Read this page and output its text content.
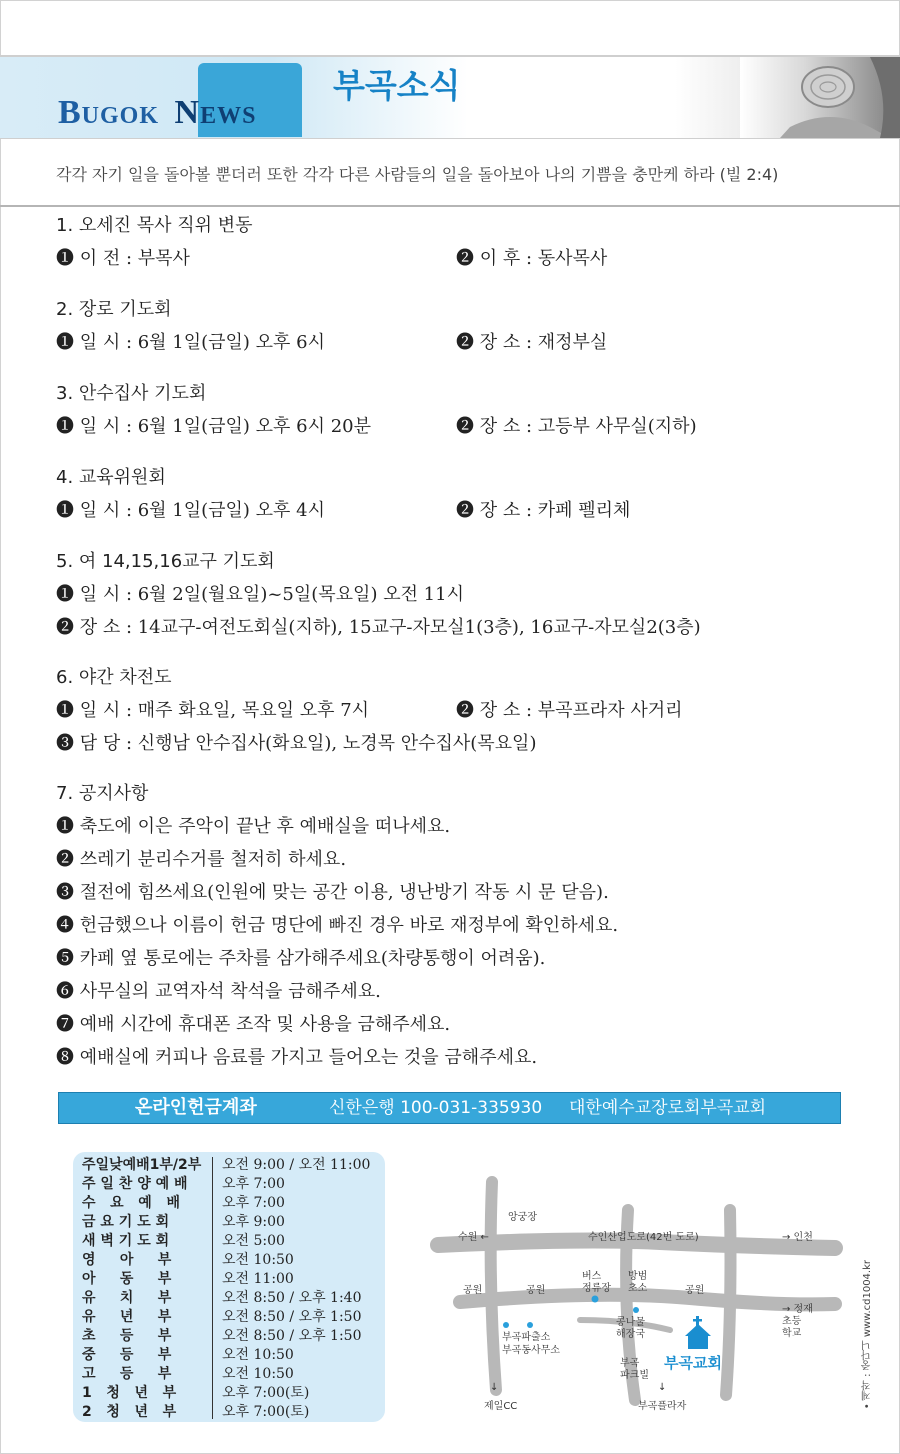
Bugok News
부곡소식
각각 자기 일을 돌아볼 뿐더러 또한 각각 다른 사람들의 일을 돌아보아 나의 기쁨을 충만케 하라 (빌 2:4)
1. 오세진 목사 직위 변동
❶ 이 전 : 부목사	❷ 이 후 : 동사목사
2. 장로 기도회
❶ 일 시 : 6월 1일(금일) 오후 6시	❷ 장 소 : 재정부실
3. 안수집사 기도회
❶ 일 시 : 6월 1일(금일) 오후 6시 20분	❷ 장 소 : 고등부 사무실(지하)
4. 교육위원회
❶ 일 시 : 6월 1일(금일) 오후 4시	❷ 장 소 : 카페 펠리체
5. 여 14,15,16교구 기도회
❶ 일 시 : 6월 2일(월요일)~5일(목요일) 오전 11시
❷ 장 소 : 14교구-여전도회실(지하), 15교구-자모실1(3층), 16교구-자모실2(3층)
6. 야간 차전도
❶ 일 시 : 매주 화요일, 목요일 오후 7시	❷ 장 소 : 부곡프라자 사거리
❸ 담 당 : 신행남 안수집사(화요일), 노경목 안수집사(목요일)
7. 공지사항
❶ 축도에 이은 주악이 끝난 후 예배실을 떠나세요.
❷ 쓰레기 분리수거를 철저히 하세요.
❸ 절전에 힘쓰세요(인원에 맞는 공간 이용, 냉난방기 작동 시 문 닫음).
❹ 헌금했으나 이름이 헌금 명단에 빠진 경우 바로 재정부에 확인하세요.
❺ 카페 옆 통로에는 주차를 삼가해주세요(차량통행이 어려움).
❻ 사무실의 교역자석 착석을 금해주세요.
❼ 예배 시간에 휴대폰 조작 및 사용을 금해주세요.
❽ 예배실에 커피나 음료를 가지고 들어오는 것을 금해주세요.
온라인헌금계좌	신한은행 100-031-335930 대한예수교장로회부곡교회
주일낮예배1부/2부 오전 9:00 / 오전 11:00
주 일 찬 양 예 배	오후 7:00
수   요   예   배	오후 7:00
금 요 기 도 회	오후 9:00
새 벽 기 도 회	오전 5:00
영     아     부	오전 10:50
아     동     부	오전 11:00
유     치     부	오전 8:50 / 오후 1:40
유     년     부	오전 8:50 / 오후 1:50
초     등     부	오전 8:50 / 오후 1:50
중     등     부	오전 10:50
고     등     부	오전 10:50
1   청   년   부	오후 7:00(토)
2   청   년   부	오후 7:00(토)
앙궁장
수원 ←	수인산업도로(42번 도로)	→ 인천
공원	공원	공원
버스
정류장
방범
초소
→ 정재
초등
학교
부곡파출소
부곡동사무소
콩나물
해장국
부곡
파크빌
부곡교회
제일CC	부곡플라자
↓	↓	• 제작 : 중다니 www.cd1004.kr
